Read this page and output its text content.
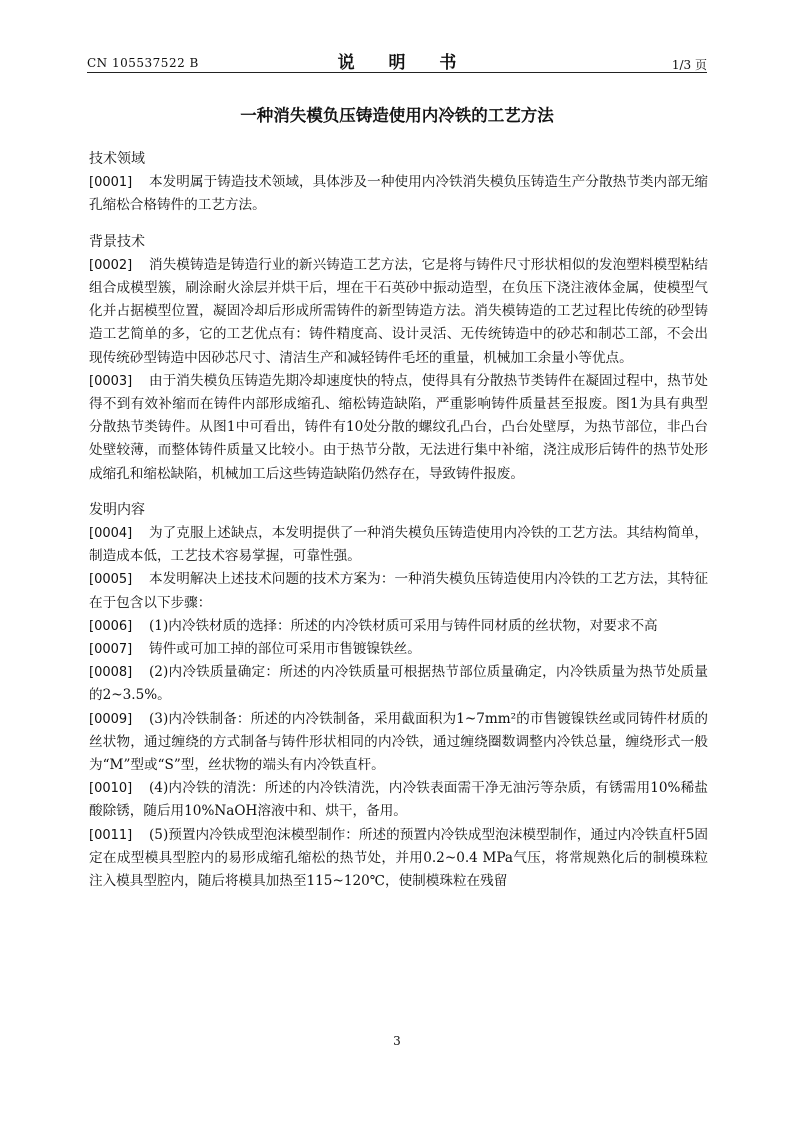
CN 105537522 B	说 明 书	1/3 页
一种消失模负压铸造使用内冷铁的工艺方法
技术领域
[0001] 本发明属于铸造技术领域，具体涉及一种使用内冷铁消失模负压铸造生产分散热节类内部无缩孔缩松合格铸件的工艺方法。
背景技术
[0002] 消失模铸造是铸造行业的新兴铸造工艺方法，它是将与铸件尺寸形状相似的发泡塑料模型粘结组合成模型簇，刷涂耐火涂层并烘干后，埋在干石英砂中振动造型，在负压下浇注液体金属，使模型气化并占据模型位置，凝固冷却后形成所需铸件的新型铸造方法。消失模铸造的工艺过程比传统的砂型铸造工艺简单的多，它的工艺优点有：铸件精度高、设计灵活、无传统铸造中的砂芯和制芯工部，不会出现传统砂型铸造中因砂芯尺寸、清洁生产和减轻铸件毛坯的重量，机械加工余量小等优点。
[0003] 由于消失模负压铸造先期冷却速度快的特点，使得具有分散热节类铸件在凝固过程中，热节处得不到有效补缩而在铸件内部形成缩孔、缩松铸造缺陷，严重影响铸件质量甚至报废。图1为具有典型分散热节类铸件。从图1中可看出，铸件有10处分散的螺纹孔凸台，凸台处壁厚，为热节部位，非凸台处壁较薄，而整体铸件质量又比较小。由于热节分散，无法进行集中补缩，浇注成形后铸件的热节处形成缩孔和缩松缺陷，机械加工后这些铸造缺陷仍然存在，导致铸件报废。
发明内容
[0004] 为了克服上述缺点，本发明提供了一种消失模负压铸造使用内冷铁的工艺方法。其结构简单，制造成本低，工艺技术容易掌握，可靠性强。
[0005] 本发明解决上述技术问题的技术方案为：一种消失模负压铸造使用内冷铁的工艺方法，其特征在于包含以下步骤：
[0006] (1)内冷铁材质的选择：所述的内冷铁材质可采用与铸件同材质的丝状物，对要求不高
[0007] 铸件或可加工掉的部位可采用市售镀镍铁丝。
[0008] (2)内冷铁质量确定：所述的内冷铁质量可根据热节部位质量确定，内冷铁质量为热节处质量的2~3.5%。
[0009] (3)内冷铁制备：所述的内冷铁制备，采用截面积为1~7mm²的市售镀镍铁丝或同铸件材质的丝状物，通过缠绕的方式制备与铸件形状相同的内冷铁，通过缠绕圈数调整内冷铁总量，缠绕形式一般为“M”型或“S”型，丝状物的端头有内冷铁直杆。
[0010] (4)内冷铁的清洗：所述的内冷铁清洗，内冷铁表面需干净无油污等杂质，有锈需用10%稀盐酸除锈，随后用10%NaOH溶液中和、烘干，备用。
[0011] (5)预置内冷铁成型泡沫模型制作：所述的预置内冷铁成型泡沫模型制作，通过内冷铁直杆5固定在成型模具型腔内的易形成缩孔缩松的热节处，并用0.2~0.4 MPa气压，将常规熟化后的制模珠粒注入模具型腔内，随后将模具加热至115~120℃，使制模珠粒在残留
3
